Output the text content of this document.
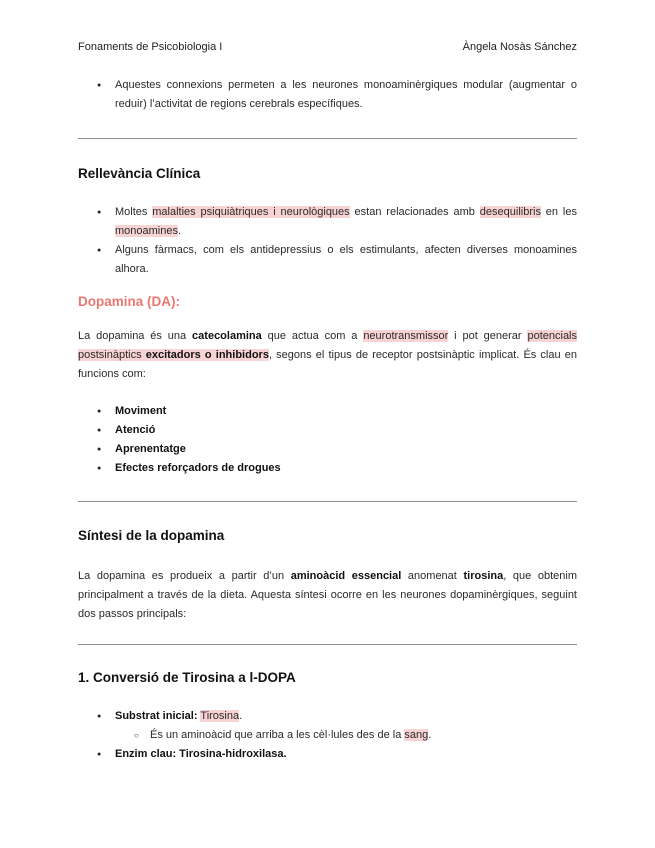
Fonaments de Psicobiologia I	Àngela Nosàs Sánchez
● Aquestes connexions permeten a les neurones monoaminèrgiques modular (augmentar o reduir) l’activitat de regions cerebrals específiques.
Rellevància Clínica
● Moltes malalties psiquiàtriques i neurològiques estan relacionades amb desequilibris en les monoamines.
● Alguns fàrmacs, com els antidepressius o els estimulants, afecten diverses monoamines alhora.
Dopamina (DA):

La dopamina és una catecolamina que actua com a neurotransmissor i pot generar potencials postsinàptics excitadors o inhibidors, segons el tipus de receptor postsinàptic implicat. És clau en funcions com:

● Moviment
● Atenció
● Aprenentatge
● Efectes reforçadors de drogues
Síntesi de la dopamina

La dopamina es produeix a partir d’un aminoàcid essencial anomenat tirosina, que obtenim principalment a través de la dieta. Aquesta síntesi ocorre en les neurones dopaminèrgiques, seguint dos passos principals:

1. Conversió de Tirosina a l-DOPA
● Substrat inicial: Tirosina.
○ És un aminoàcid que arriba a les cèl·lules des de la sang.
● Enzim clau: Tirosina-hidroxilasa.
